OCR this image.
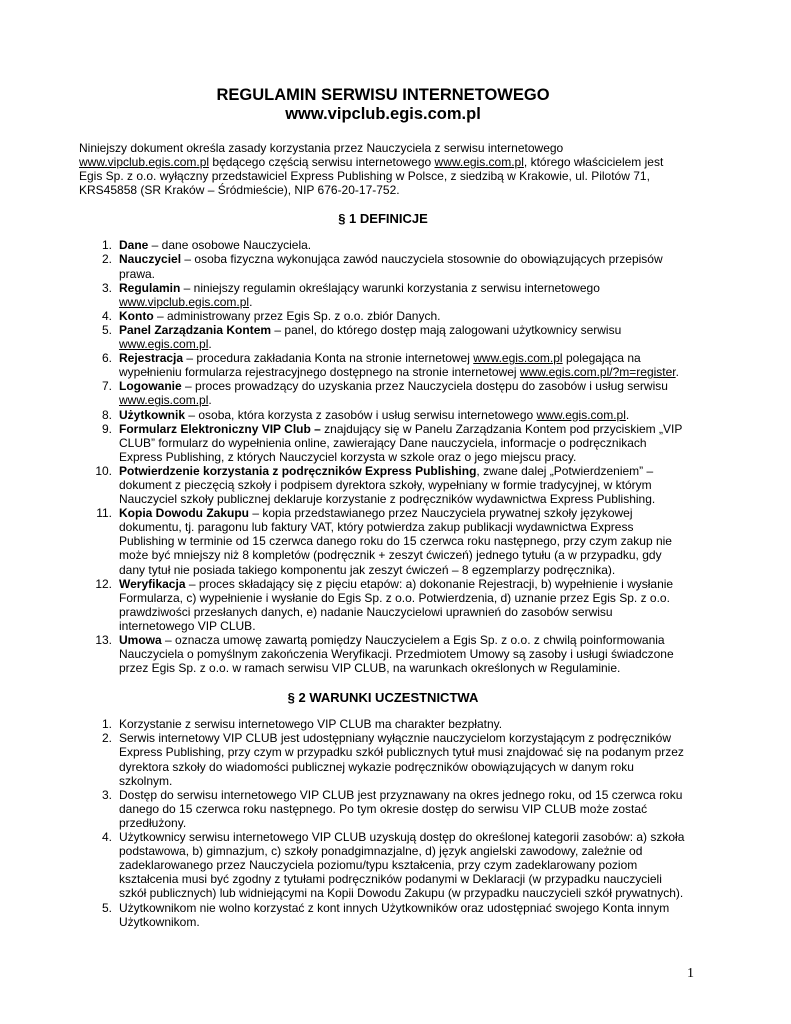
REGULAMIN SERWISU INTERNETOWEGO
www.vipclub.egis.com.pl
Niniejszy dokument określa zasady korzystania przez Nauczyciela z serwisu internetowego www.vipclub.egis.com.pl będącego częścią serwisu internetowego www.egis.com.pl, którego właścicielem jest Egis Sp. z o.o. wyłączny przedstawiciel Express Publishing w Polsce, z siedzibą w Krakowie, ul. Pilotów 71, KRS45858 (SR Kraków – Śródmieście), NIP 676-20-17-752.
§ 1 DEFINICJE
1. Dane – dane osobowe Nauczyciela.
2. Nauczyciel – osoba fizyczna wykonująca zawód nauczyciela stosownie do obowiązujących przepisów prawa.
3. Regulamin – niniejszy regulamin określający warunki korzystania z serwisu internetowego www.vipclub.egis.com.pl.
4. Konto – administrowany przez Egis Sp. z o.o. zbiór Danych.
5. Panel Zarządzania Kontem – panel, do którego dostęp mają zalogowani użytkownicy serwisu www.egis.com.pl.
6. Rejestracja – procedura zakładania Konta na stronie internetowej www.egis.com.pl polegająca na wypełnieniu formularza rejestracyjnego dostępnego na stronie internetowej www.egis.com.pl/?m=register.
7. Logowanie – proces prowadzący do uzyskania przez Nauczyciela dostępu do zasobów i usług serwisu www.egis.com.pl.
8. Użytkownik – osoba, która korzysta z zasobów i usług serwisu internetowego www.egis.com.pl.
9. Formularz Elektroniczny VIP Club – znajdujący się w Panelu Zarządzania Kontem pod przyciskiem „VIP CLUB” formularz do wypełnienia online, zawierający Dane nauczyciela, informacje o podręcznikach Express Publishing, z których Nauczyciel korzysta w szkole oraz o jego miejscu pracy.
10. Potwierdzenie korzystania z podręczników Express Publishing, zwane dalej „Potwierdzeniem” – dokument z pieczęcią szkoły i podpisem dyrektora szkoły, wypełniany w formie tradycyjnej, w którym Nauczyciel szkoły publicznej deklaruje korzystanie z podręczników wydawnictwa Express Publishing.
11. Kopia Dowodu Zakupu – kopia przedstawianego przez Nauczyciela prywatnej szkoły językowej dokumentu, tj. paragonu lub faktury VAT, który potwierdza zakup publikacji wydawnictwa Express Publishing w terminie od 15 czerwca danego roku do 15 czerwca roku następnego, przy czym zakup nie może być mniejszy niż 8 kompletów (podręcznik + zeszyt ćwiczeń) jednego tytułu (a w przypadku, gdy dany tytuł nie posiada takiego komponentu jak zeszyt ćwiczeń – 8 egzemplarzy podręcznika).
12. Weryfikacja – proces składający się z pięciu etapów: a) dokonanie Rejestracji, b) wypełnienie i wysłanie Formularza, c) wypełnienie i wysłanie do Egis Sp. z o.o. Potwierdzenia, d) uznanie przez Egis Sp. z o.o. prawdziwości przesłanych danych, e) nadanie Nauczycielowi uprawnień do zasobów serwisu internetowego VIP CLUB.
13. Umowa – oznacza umowę zawartą pomiędzy Nauczycielem a Egis Sp. z o.o. z chwilą poinformowania Nauczyciela o pomyślnym zakończenia Weryfikacji. Przedmiotem Umowy są zasoby i usługi świadczone przez Egis Sp. z o.o. w ramach serwisu VIP CLUB, na warunkach określonych w Regulaminie.
§ 2 WARUNKI UCZESTNICTWA
1. Korzystanie z serwisu internetowego VIP CLUB ma charakter bezpłatny.
2. Serwis internetowy VIP CLUB jest udostępniany wyłącznie nauczycielom korzystającym z podręczników Express Publishing, przy czym w przypadku szkół publicznych tytuł musi znajdować się na podanym przez dyrektora szkoły do wiadomości publicznej wykazie podręczników obowiązujących w danym roku szkolnym.
3. Dostęp do serwisu internetowego VIP CLUB jest przyznawany na okres jednego roku, od 15 czerwca roku danego do 15 czerwca roku następnego. Po tym okresie dostęp do serwisu VIP CLUB może zostać przedłużony.
4. Użytkownicy serwisu internetowego VIP CLUB uzyskują dostęp do określonej kategorii zasobów: a) szkoła podstawowa, b) gimnazjum, c) szkoły ponadgimnazjalne, d) język angielski zawodowy, zależnie od zadeklarowanego przez Nauczyciela poziomu/typu kształcenia, przy czym zadeklarowany poziom kształcenia musi być zgodny z tytułami podręczników podanymi w Deklaracji (w przypadku nauczycieli szkół publicznych) lub widniejącymi na Kopii Dowodu Zakupu (w przypadku nauczycieli szkół prywatnych).
5. Użytkownikom nie wolno korzystać z kont innych Użytkowników oraz udostępniać swojego Konta innym Użytkownikom.
1
